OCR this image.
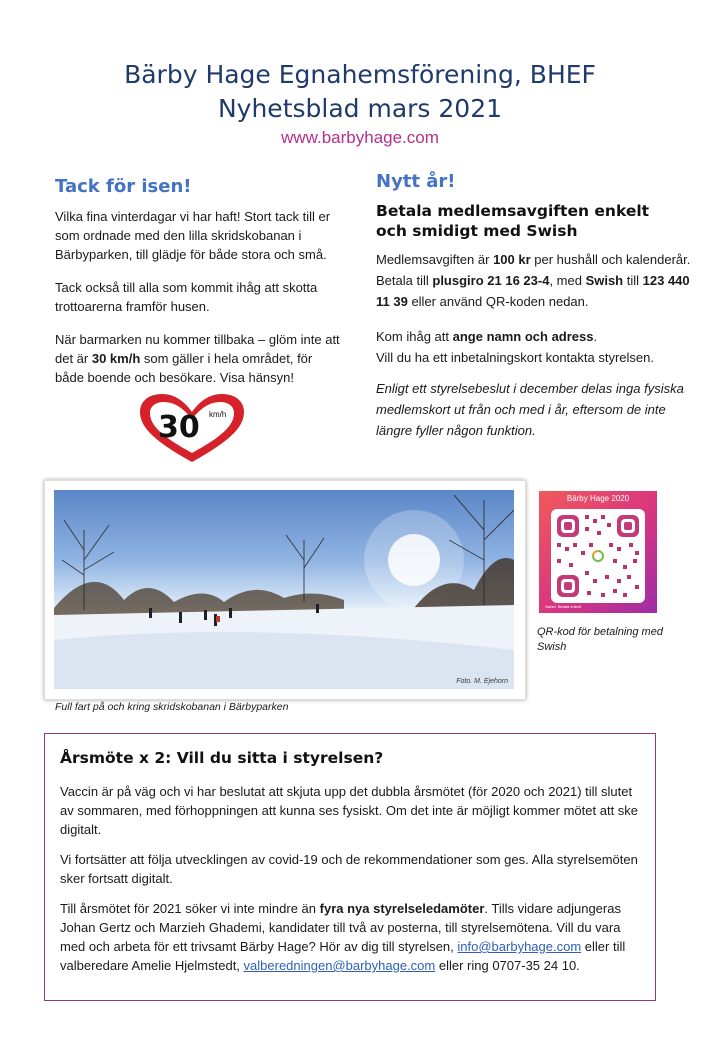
Bärby Hage Egnahemsförening, BHEF
Nyhetsblad mars 2021
www.barbyhage.com
Tack för isen!

Vilka fina vinterdagar vi har haft! Stort tack till er som ordnade med den lilla skridskobanan i Bärbyparken, till glädje för både stora och små.

Tack också till alla som kommit ihåg att skotta trottoarerna framför husen.

När barmarken nu kommer tillbaka – glöm inte att det är 30 km/h som gäller i hela området, för både boende och besökare. Visa hänsyn!

30 km/h
Nytt år!
Betala medlemsavgiften enkelt och smidigt med Swish

Medlemsavgiften är 100 kr per hushåll och kalenderår. Betala till plusgiro 21 16 23-4, med Swish till 123 440 11 39 eller använd QR-koden nedan.

Kom ihåg att ange namn och adress.
Vill du ha ett inbetalningskort kontakta styrelsen.

Enligt ett styrelsebeslut i december delas inga fysiska medlemskort ut från och med i år, eftersom de inte längre fyller någon funktion.

Foto. M. Ejehorn
Full fart på och kring skridskobanan i Bärbyparken
Bärby Hage 2020
Swish. Betala enkelt
QR-kod för betalning med Swish
Årsmöte x 2: Vill du sitta i styrelsen?

Vaccin är på väg och vi har beslutat att skjuta upp det dubbla årsmötet (för 2020 och 2021) till slutet av sommaren, med förhoppningen att kunna ses fysiskt. Om det inte är möjligt kommer mötet att ske digitalt.

Vi fortsätter att följa utvecklingen av covid-19 och de rekommendationer som ges. Alla styrelsemöten sker fortsatt digitalt.

Till årsmötet för 2021 söker vi inte mindre än fyra nya styrelseledamöter. Tills vidare adjungeras Johan Gertz och Marzieh Ghademi, kandidater till två av posterna, till styrelsemötena. Vill du vara med och arbeta för ett trivsamt Bärby Hage? Hör av dig till styrelsen, info@barbyhage.com eller till valberedare Amelie Hjelmstedt, valberedningen@barbyhage.com eller ring 0707-35 24 10.
